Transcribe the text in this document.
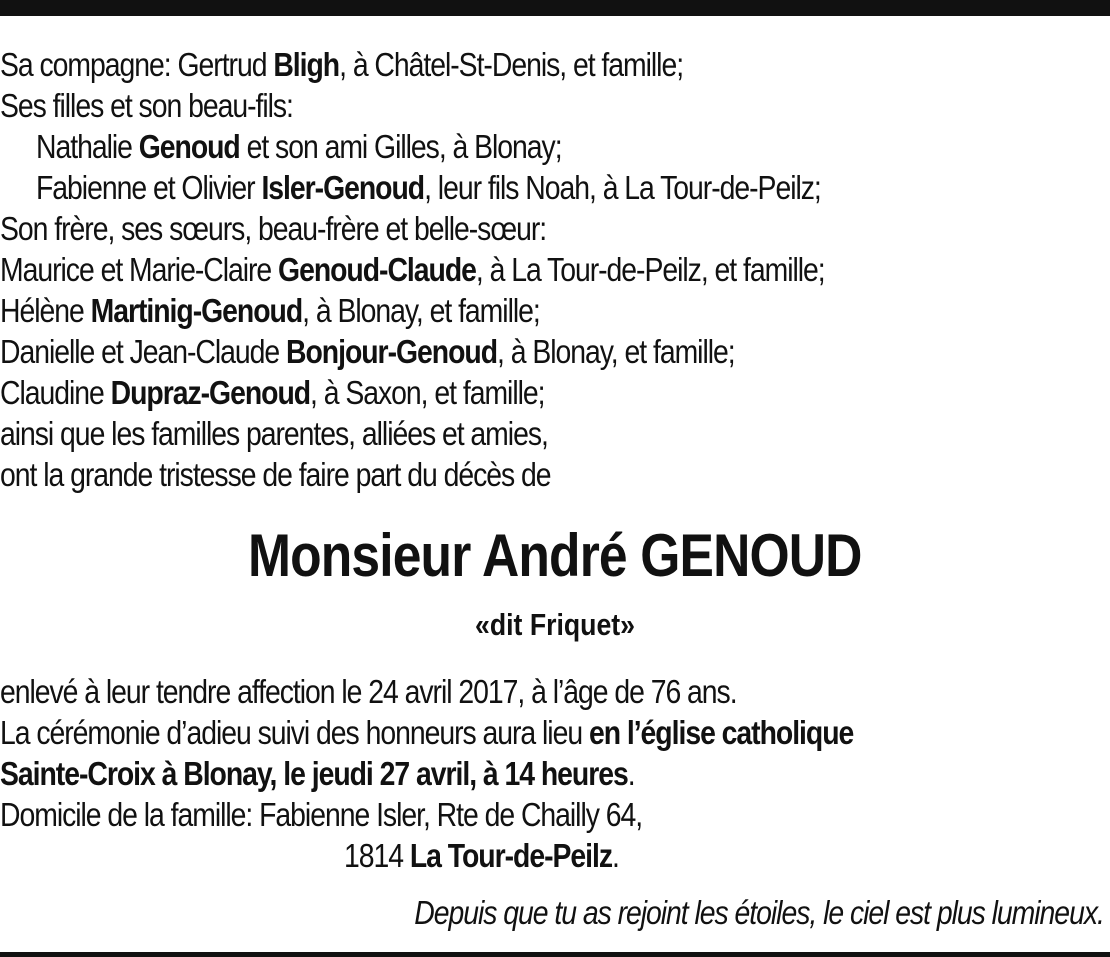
Sa compagne: Gertrud Bligh, à Châtel-St-Denis, et famille;
Ses filles et son beau-fils:
Nathalie Genoud et son ami Gilles, à Blonay;
Fabienne et Olivier Isler-Genoud, leur fils Noah, à La Tour-de-Peilz;
Son frère, ses sœurs, beau-frère et belle-sœur:
Maurice et Marie-Claire Genoud-Claude, à La Tour-de-Peilz, et famille;
Hélène Martinig-Genoud, à Blonay, et famille;
Danielle et Jean-Claude Bonjour-Genoud, à Blonay, et famille;
Claudine Dupraz-Genoud, à Saxon, et famille;
ainsi que les familles parentes, alliées et amies,
ont la grande tristesse de faire part du décès de
Monsieur André GENOUD
«dit Friquet»
enlevé à leur tendre affection le 24 avril 2017, à l’âge de 76 ans.
La cérémonie d’adieu suivi des honneurs aura lieu en l’église catholique
Sainte-Croix à Blonay, le jeudi 27 avril, à 14 heures.
Domicile de la famille: Fabienne Isler, Rte de Chailly 64,
1814 La Tour-de-Peilz.
Depuis que tu as rejoint les étoiles, le ciel est plus lumineux.
